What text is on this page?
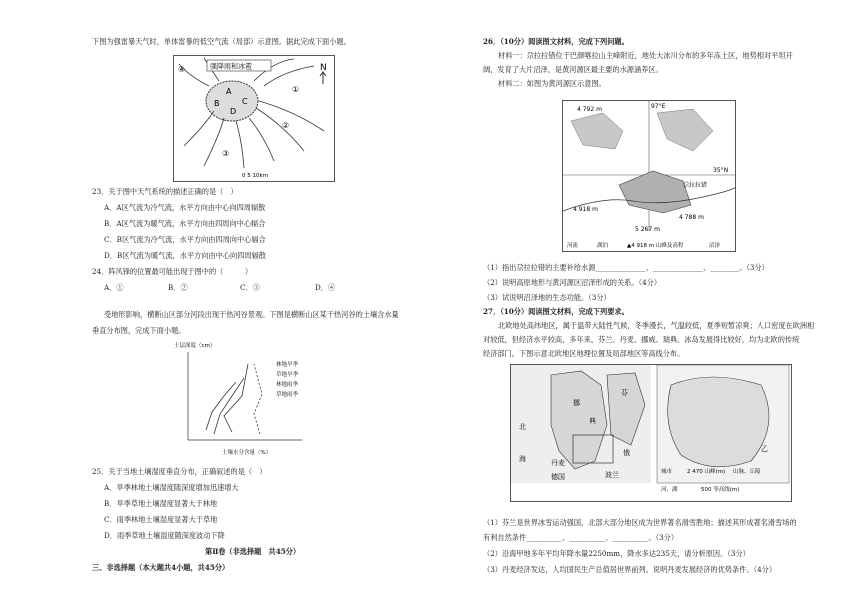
下图为强雷暴天气时，单体雷暴的低空气流（局部）示意图。据此完成下面小题。
强降雨和冰雹	N
④
A
B	C
D
①
②
③
0 5 10km
23．关于图中天气系统的描述正确的是（　）
A．A区气流为冷气流，水平方向由中心向四周辐散
B．A区气流为暖气流，水平方向由四周向中心辐合
C．B区气流为冷气流，水平方向由四周向中心辐合
D．B区气流为暖气流，水平方向由中心向四周辐散
24．阵风锋的位置最可能出现于图中的（　　　）
A．①	B．②	C．③	D．④
受地形影响，横断山区部分河段出现干热河谷景观。下图是横断山区某干热河谷的土壤含水量
垂直分布图，完成下面小题。
土层深度（cm）
林地旱季
草地旱季
林地雨季
草地雨季
土壤水分含量（%）
25．关于当地土壤湿度垂直分布，正确叙述的是（　）
A．旱季林地土壤湿度随深度增加迅速增大
B．旱季草地土壤湿度显著大于林地
C．雨季林地土壤湿度显著大于草地
D．雨季草地土壤湿度随深度波动下降
第Ⅱ卷（非选择题　共45分）
三、非选择题（本大题共4小题，共45分）
26．（10分）阅读图文材料，完成下列问题。
材料一：尕拉拉错位于巴颜喀拉山主峰附近，地处大冰川分布的多年冻土区，地势相对平坦开
阔，发育了大片沼泽，是黄河源区最主要的水源涵养区。
材料二：如图为黄河源区示意图。
97°E
35°N
4 792 m
4 918 m
5 267 m
4 788 m
尕拉拉错
河流	湖泊	▲4 918 m 山峰及高程	沼泽
（1）指出尕拉拉错的主要补给水源______________、______________、________。（3分）
（2）说明高原地形与黄河源区沼泽形成的关系。（4分）
（3）试说明沼泽地的生态功能。（3分）
27．（10分）阅读图文材料，完成下列要求。
北欧地处高纬地区，属于温带大陆性气候，冬季漫长，气温较低，夏季短暂凉爽；人口密度在欧洲相
对较低，但经济水平较高，多年来，芬兰、丹麦、挪威、瑞典、冰岛发展得比较好，均为北欧的传统
经济部门。下图示意北欧地区地理位置及局部地区等高线分布。
北
挪
典
芬
海	丹麦
俄
德国	波兰
乙
城市	2 470 山峰(m) 山脉、丘陵
河、湖	500 等高线(m)
（1）芬兰是世界冰雪运动强国，北部大部分地区成为世界著名滑雪胜地；描述其形成著名滑雪场的
有利自然条件__________、__________、__________。（3分）
（2）沿海甲地多年平均年降水量2250mm，降水多达235天，请分析原因。（3分）
（3）丹麦经济发达，人均国民生产总值居世界前列。说明丹麦发展经济的优势条件。（4分）
